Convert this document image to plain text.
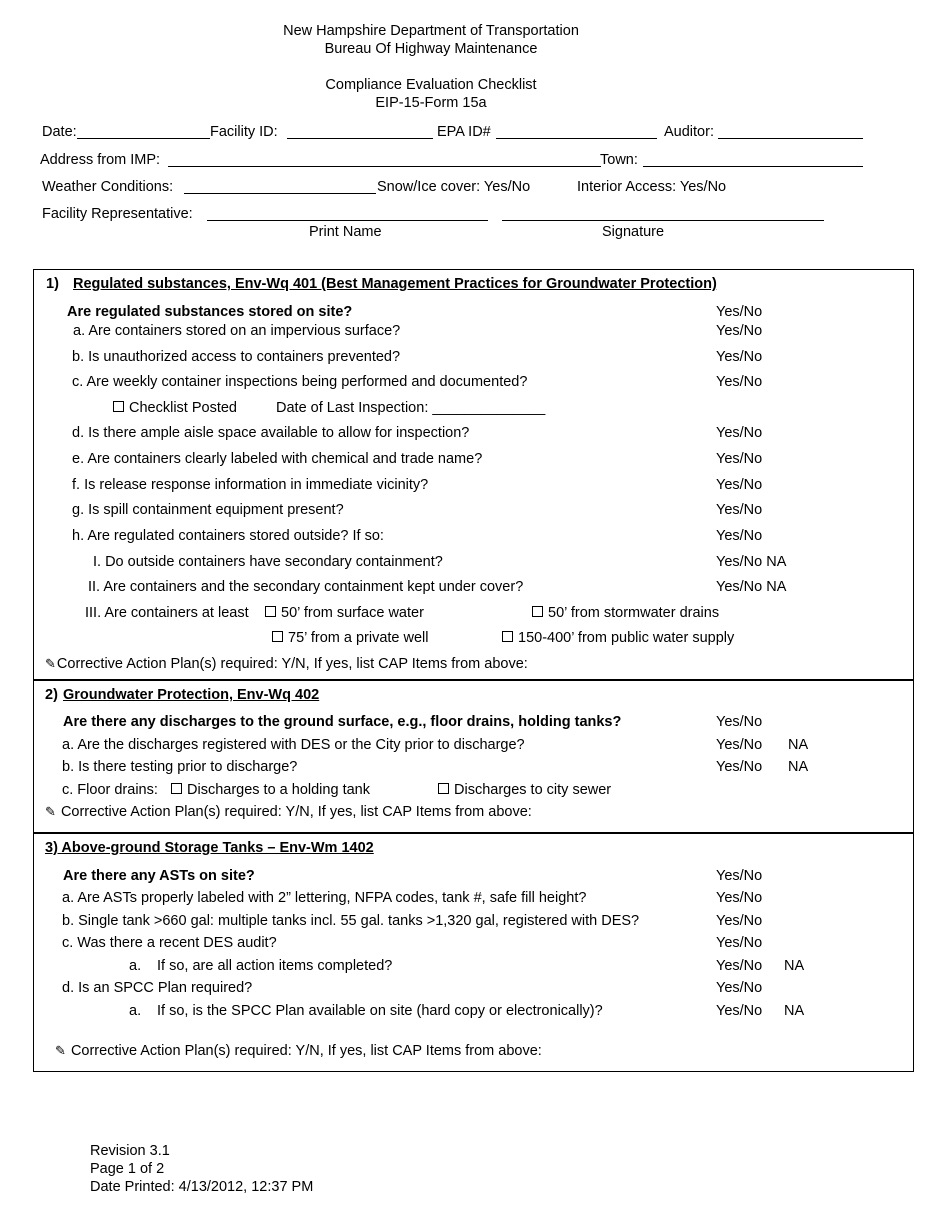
New Hampshire Department of Transportation
Bureau Of Highway Maintenance
Compliance Evaluation Checklist
EIP-15-Form 15a
Date:	Facility ID:	EPA ID#	Auditor:
Address from IMP:	Town:
Weather Conditions:	Snow/Ice cover: Yes/No	Interior Access: Yes/No
Facility Representative:
Print Name	Signature
1) Regulated substances, Env-Wq 401 (Best Management Practices for Groundwater Protection)
Are regulated substances stored on site?	Yes/No
a. Are containers stored on an impervious surface?	Yes/No
b. Is unauthorized access to containers prevented?	Yes/No
c. Are weekly container inspections being performed and documented?	Yes/No
Checklist Posted	Date of Last Inspection: ______________
d. Is there ample aisle space available to allow for inspection?	Yes/No
e. Are containers clearly labeled with chemical and trade name?	Yes/No
f. Is release response information in immediate vicinity?	Yes/No
g. Is spill containment equipment present?	Yes/No
h. Are regulated containers stored outside? If so:	Yes/No
I. Do outside containers have secondary containment?	Yes/No NA
II. Are containers and the secondary containment kept under cover?	Yes/No NA
III. Are containers at least	50’ from surface water	50’ from stormwater drains
75’ from a private well	150-400’ from public water supply
✎Corrective Action Plan(s) required: Y/N, If yes, list CAP Items from above:
2) Groundwater Protection, Env-Wq 402
Are there any discharges to the ground surface, e.g., floor drains, holding tanks?	Yes/No
a. Are the discharges registered with DES or the City prior to discharge?	Yes/No NA
b. Is there testing prior to discharge?	Yes/No NA
c. Floor drains:	Discharges to a holding tank	Discharges to city sewer
✎ Corrective Action Plan(s) required: Y/N, If yes, list CAP Items from above:
3) Above-ground Storage Tanks – Env-Wm 1402
Are there any ASTs on site?	Yes/No
a. Are ASTs properly labeled with 2” lettering, NFPA codes, tank #, safe fill height?	Yes/No
b. Single tank >660 gal: multiple tanks incl. 55 gal. tanks >1,320 gal, registered with DES?	Yes/No
c. Was there a recent DES audit?	Yes/No
a. If so, are all action items completed?	Yes/No NA
d. Is an SPCC Plan required?	Yes/No
a. If so, is the SPCC Plan available on site (hard copy or electronically)?	Yes/No NA
✎ Corrective Action Plan(s) required: Y/N, If yes, list CAP Items from above:
Revision 3.1
Page 1 of 2
Date Printed: 4/13/2012, 12:37 PM
